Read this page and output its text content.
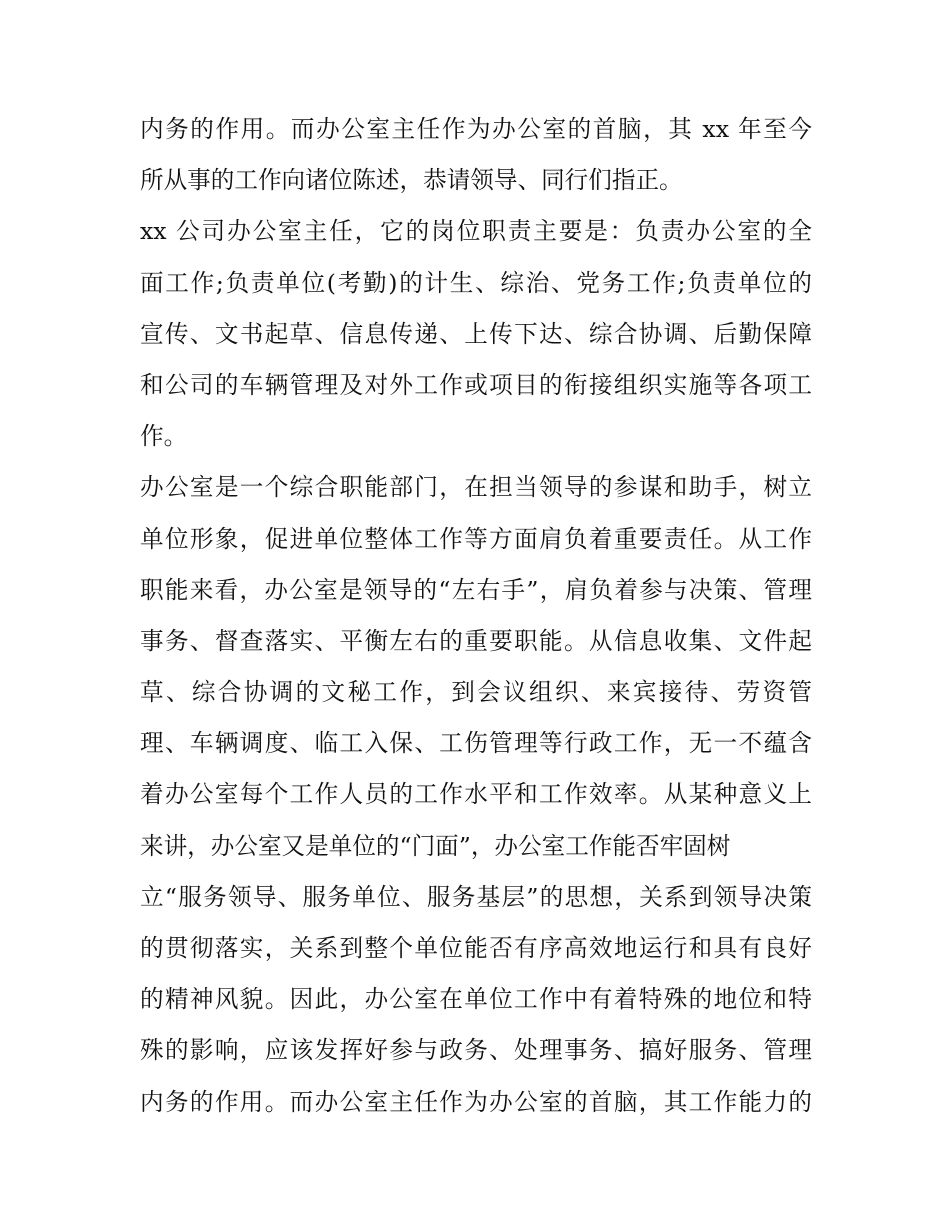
内务的作用。而办公室主任作为办公室的首脑，其 xx 年至今
所从事的工作向诸位陈述，恭请领导、同行们指正。
xx 公司办公室主任，它的岗位职责主要是：负责办公室的全
面工作;负责单位(考勤)的计生、综治、党务工作;负责单位的
宣传、文书起草、信息传递、上传下达、综合协调、后勤保障
和公司的车辆管理及对外工作或项目的衔接组织实施等各项工
作。
办公室是一个综合职能部门，在担当领导的参谋和助手，树立
单位形象，促进单位整体工作等方面肩负着重要责任。从工作
职能来看，办公室是领导的“左右手”，肩负着参与决策、管理
事务、督查落实、平衡左右的重要职能。从信息收集、文件起
草、综合协调的文秘工作，到会议组织、来宾接待、劳资管
理、车辆调度、临工入保、工伤管理等行政工作，无一不蕴含
着办公室每个工作人员的工作水平和工作效率。从某种意义上
来讲，办公室又是单位的“门面”，办公室工作能否牢固树
立“服务领导、服务单位、服务基层”的思想，关系到领导决策
的贯彻落实，关系到整个单位能否有序高效地运行和具有良好
的精神风貌。因此，办公室在单位工作中有着特殊的地位和特
殊的影响，应该发挥好参与政务、处理事务、搞好服务、管理
内务的作用。而办公室主任作为办公室的首脑，其工作能力的
